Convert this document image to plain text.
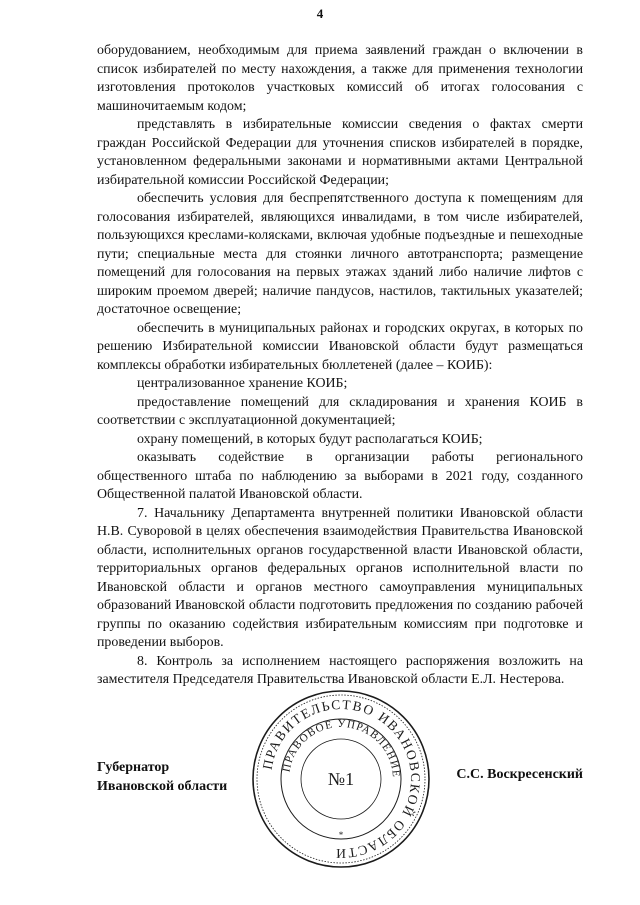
4

оборудованием, необходимым для приема заявлений граждан о включении в список избирателей по месту нахождения, а также для применения технологии изготовления протоколов участковых комиссий об итогах голосования с машиночитаемым кодом;

представлять в избирательные комиссии сведения о фактах смерти граждан Российской Федерации для уточнения списков избирателей в порядке, установленном федеральными законами и нормативными актами Центральной избирательной комиссии Российской Федерации;

обеспечить условия для беспрепятственного доступа к помещениям для голосования избирателей, являющихся инвалидами, в том числе избирателей, пользующихся креслами-колясками, включая удобные подъездные и пешеходные пути; специальные места для стоянки личного автотранспорта; размещение помещений для голосования на первых этажах зданий либо наличие лифтов с широким проемом дверей; наличие пандусов, настилов, тактильных указателей; достаточное освещение;

обеспечить в муниципальных районах и городских округах, в которых по решению Избирательной комиссии Ивановской области будут размещаться комплексы обработки избирательных бюллетеней (далее – КОИБ):

централизованное хранение КОИБ;

предоставление помещений для складирования и хранения КОИБ в соответствии с эксплуатационной документацией;

охрану помещений, в которых будут располагаться КОИБ;

оказывать содействие в организации работы регионального общественного штаба по наблюдению за выборами в 2021 году, созданного Общественной палатой Ивановской области.

7. Начальнику Департамента внутренней политики Ивановской области Н.В. Суворовой в целях обеспечения взаимодействия Правительства Ивановской области, исполнительных органов государственной власти Ивановской области, территориальных органов федеральных органов исполнительной власти по Ивановской области и органов местного самоуправления муниципальных образований Ивановской области подготовить предложения по созданию рабочей группы по оказанию содействия избирательным комиссиям при подготовке и проведении выборов.

8. Контроль за исполнением настоящего распоряжения возложить на заместителя Председателя Правительства Ивановской области Е.Л. Нестерова.

Губернатор
Ивановской области
С.С. Воскресенский
ПРАВИТЕЛЬСТВО ИВАНОВСКОЙ ОБЛАСТИ
ПРАВОВОЕ УПРАВЛЕНИЕ
№1
*
